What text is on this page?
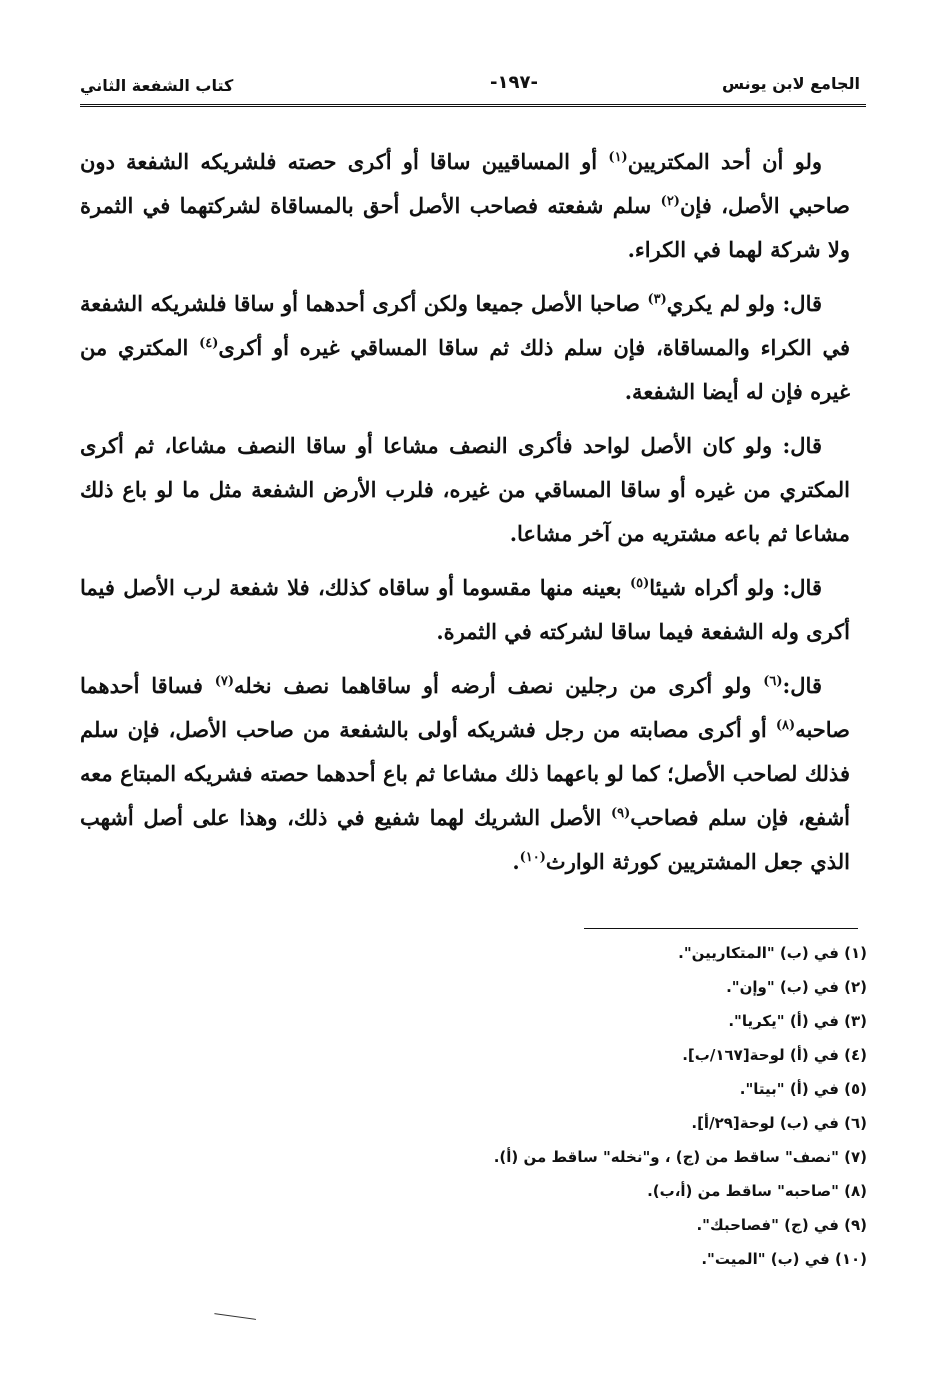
الجامع لابن يونس
-١٩٧-
كتاب الشفعة الثاني

ولو أن أحد المكتريين$^{(١)}$ أو المساقيين ساقا أو أكرى حصته فلشريكه الشفعة دون صاحبي الأصل، فإن$^{(٢)}$ سلم شفعته فصاحب الأصل أحق بالمساقاة لشركتهما في الثمرة ولا شركة لهما في الكراء.

قال: ولو لم يكري$^{(٣)}$ صاحبا الأصل جميعا ولكن أكرى أحدهما أو ساقا فلشريكه الشفعة في الكراء والمساقاة، فإن سلم ذلك ثم ساقا المساقي غيره أو أكرى$^{(٤)}$ المكتري من غيره فإن له أيضا الشفعة.

قال: ولو كان الأصل لواحد فأكرى النصف مشاعا أو ساقا النصف مشاعا، ثم أكرى المكتري من غيره أو ساقا المساقي من غيره، فلرب الأرض الشفعة مثل ما لو باع ذلك مشاعا ثم باعه مشتريه من آخر مشاعا.

قال: ولو أكراه شيئا$^{(٥)}$ بعينه منها مقسوما أو ساقاه كذلك، فلا شفعة لرب الأصل فيما أكرى وله الشفعة فيما ساقا لشركته في الثمرة.

قال:$^{(٦)}$ ولو أكرى من رجلين نصف أرضه أو ساقاهما نصف نخله$^{(٧)}$ فساقا أحدهما صاحبه$^{(٨)}$ أو أكرى مصابته من رجل فشريكه أولى بالشفعة من صاحب الأصل، فإن سلم فذلك لصاحب الأصل؛ كما لو باعهما ذلك مشاعا ثم باع أحدهما حصته فشريكه المبتاع معه أشفع، فإن سلم فصاحب$^{(٩)}$ الأصل الشريك لهما شفيع في ذلك، وهذا على أصل أشهب الذي جعل المشتريين كورثة الوارث$^{(١٠)}$.

(١) في (ب) "المتكاريين".
(٢) في (ب) "وإن".
(٣) في (أ) "يكريا".
(٤) في (أ) لوحة[١٦٧/ب].
(٥) في (أ) "بيتا".
(٦) في (ب) لوحة[٢٩/أ].
(٧) "نصف" ساقط من (ج) ، و"نخله" ساقط من (أ).
(٨) "صاحبه" ساقط من (أ،ب).
(٩) في (ج) "فصاحبك".
(١٠) في (ب) "الميت".
